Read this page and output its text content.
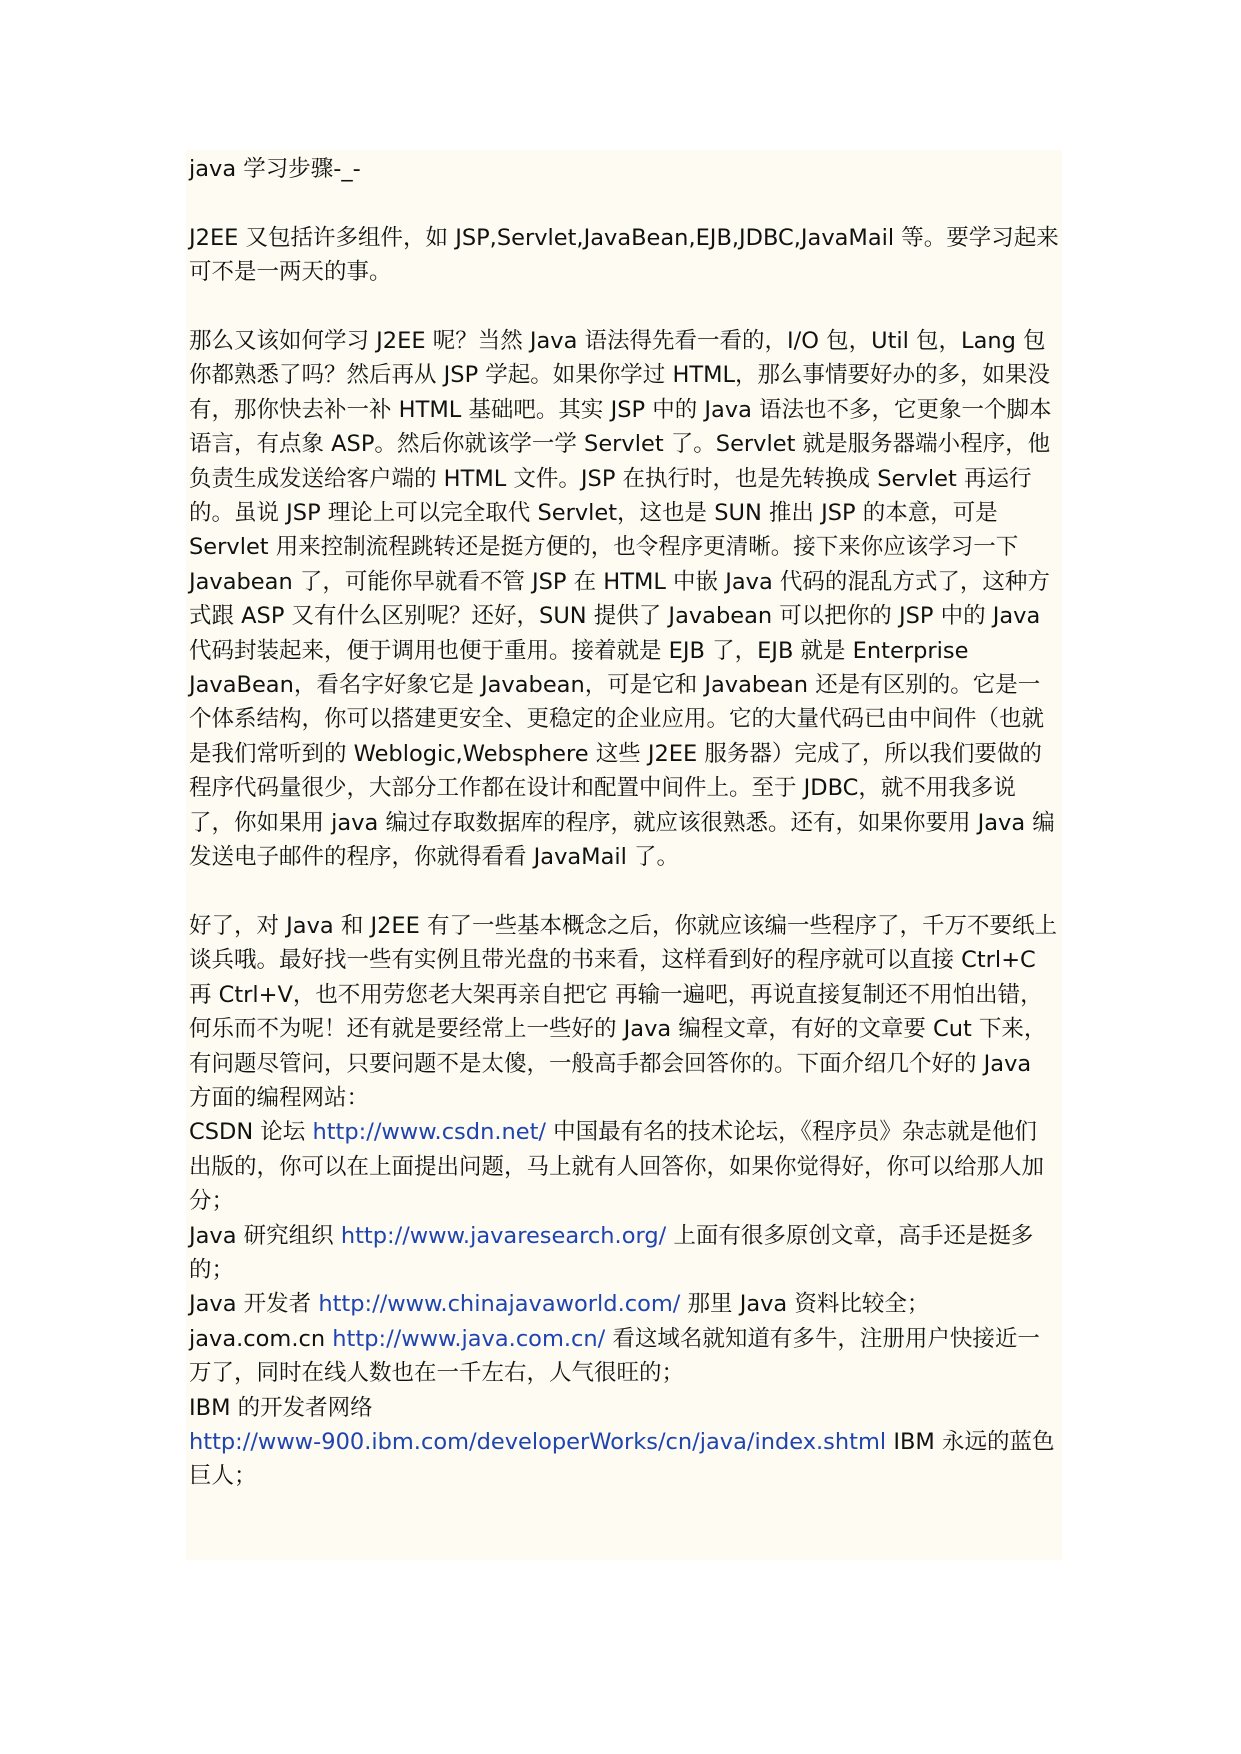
java 学习步骤-_-

J2EE 又包括许多组件，如 JSP,Servlet,JavaBean,EJB,JDBC,JavaMail 等。要学习起来可不是一两天的事。

那么又该如何学习 J2EE 呢？当然 Java 语法得先看一看的，I/O 包，Util 包，Lang 包你都熟悉了吗？然后再从 JSP 学起。如果你学过 HTML，那么事情要好办的多，如果没有，那你快去补一补 HTML 基础吧。其实 JSP 中的 Java 语法也不多，它更象一个脚本语言，有点象 ASP。然后你就该学一学 Servlet 了。Servlet 就是服务器端小程序，他负责生成发送给客户端的 HTML 文件。JSP 在执行时，也是先转换成 Servlet 再运行的。虽说 JSP 理论上可以完全取代 Servlet，这也是 SUN 推出 JSP 的本意，可是 Servlet 用来控制流程跳转还是挺方便的，也令程序更清晰。接下来你应该学习一下 Javabean 了，可能你早就看不管 JSP 在 HTML 中嵌 Java 代码的混乱方式了，这种方式跟 ASP 又有什么区别呢？还好，SUN 提供了 Javabean 可以把你的 JSP 中的 Java 代码封装起来，便于调用也便于重用。接着就是 EJB 了，EJB 就是 Enterprise JavaBean，看名字好象它是 Javabean，可是它和 Javabean 还是有区别的。它是一个体系结构，你可以搭建更安全、更稳定的企业应用。它的大量代码已由中间件（也就是我们常听到的 Weblogic,Websphere 这些 J2EE 服务器）完成了，所以我们要做的程序代码量很少，大部分工作都在设计和配置中间件上。至于 JDBC，就不用我多说了，你如果用 java 编过存取数据库的程序，就应该很熟悉。还有，如果你要用 Java 编发送电子邮件的程序，你就得看看 JavaMail 了。

好了，对 Java 和 J2EE 有了一些基本概念之后，你就应该编一些程序了，千万不要纸上谈兵哦。最好找一些有实例且带光盘的书来看，这样看到好的程序就可以直接 Ctrl+C 再 Ctrl+V，也不用劳您老大架再亲自把它 再输一遍吧，再说直接复制还不用怕出错，何乐而不为呢！还有就是要经常上一些好的 Java 编程文章，有好的文章要 Cut 下来，有问题尽管问，只要问题不是太傻，一般高手都会回答你的。下面介绍几个好的 Java 方面的编程网站：

CSDN 论坛 http://www.csdn.net/ 中国最有名的技术论坛，《程序员》杂志就是他们出版的，你可以在上面提出问题，马上就有人回答你，如果你觉得好，你可以给那人加分；

Java 研究组织 http://www.javaresearch.org/ 上面有很多原创文章，高手还是挺多的；

Java 开发者 http://www.chinajavaworld.com/ 那里 Java 资料比较全；

java.com.cn http://www.java.com.cn/ 看这域名就知道有多牛，注册用户快接近一万了，同时在线人数也在一千左右，人气很旺的；

IBM 的开发者网络

http://www-900.ibm.com/developerWorks/cn/java/index.shtml IBM 永远的蓝色巨人；
